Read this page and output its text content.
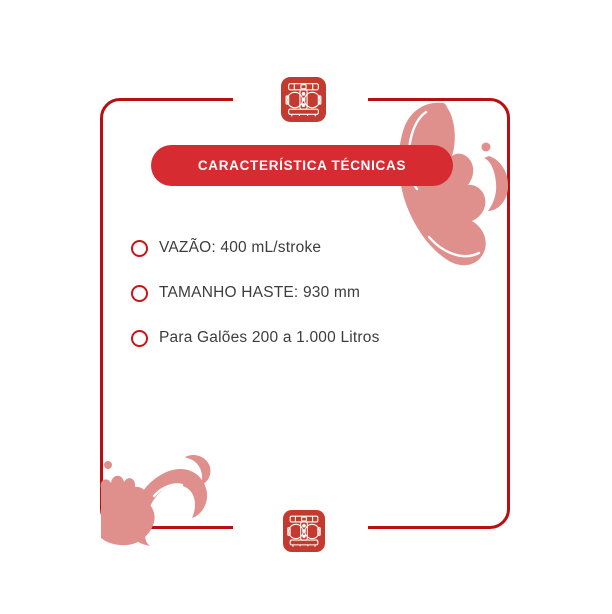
CARACTERÍSTICA TÉCNICAS
VAZÃO: 400 mL/stroke
TAMANHO HASTE: 930 mm
Para Galões 200 a 1.000 Litros
